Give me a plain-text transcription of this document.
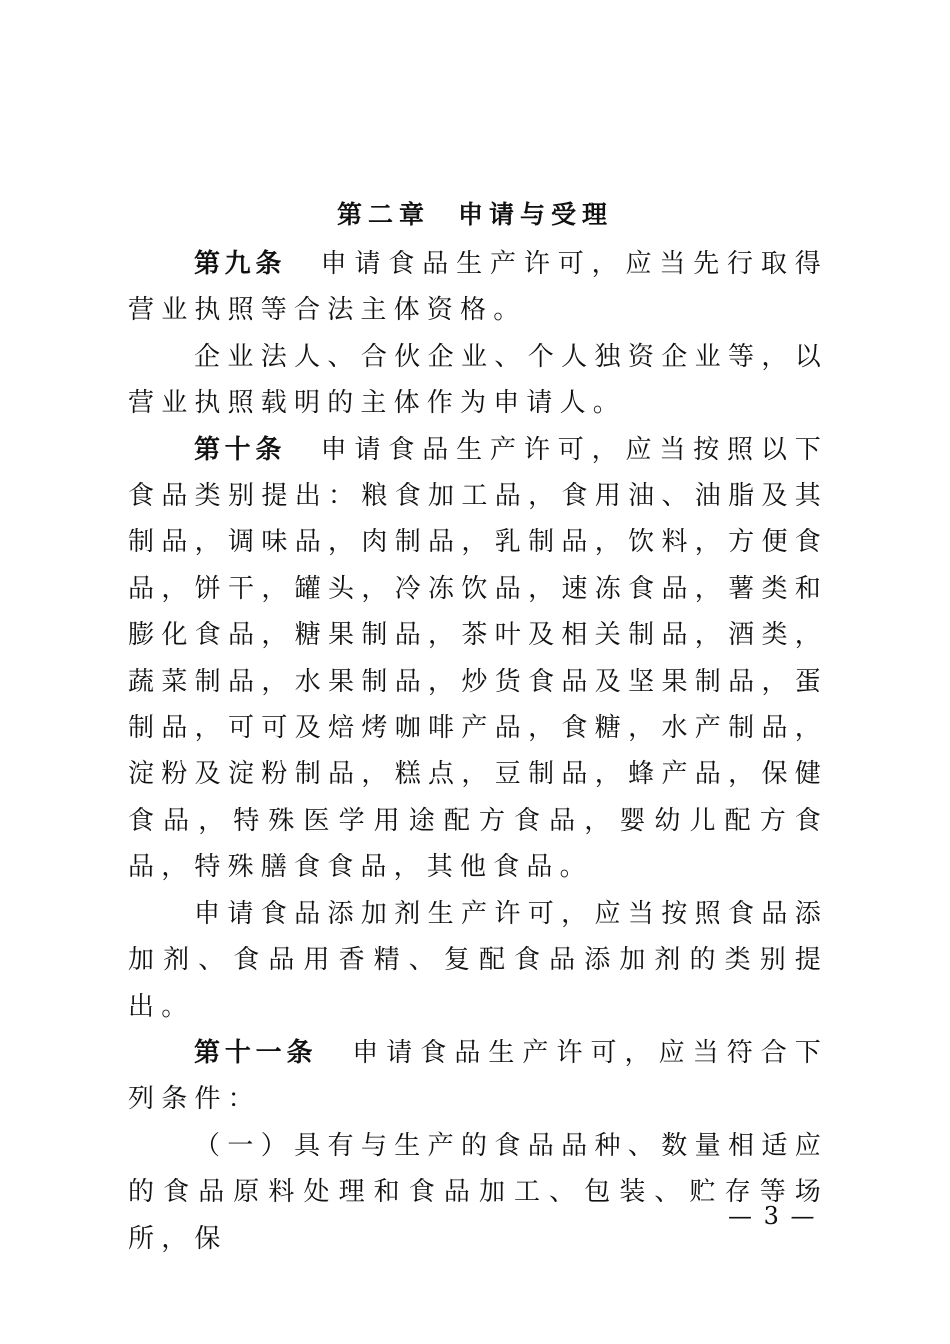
第二章 申请与受理

第九条 申请食品生产许可，应当先行取得营业执照等合法主体资格。

企业法人、合伙企业、个人独资企业等，以营业执照载明的主体作为申请人。

第十条 申请食品生产许可，应当按照以下食品类别提出：粮食加工品，食用油、油脂及其制品，调味品，肉制品，乳制品，饮料，方便食品，饼干，罐头，冷冻饮品，速冻食品，薯类和膨化食品，糖果制品，茶叶及相关制品，酒类，蔬菜制品，水果制品，炒货食品及坚果制品，蛋制品，可可及焙烤咖啡产品，食糖，水产制品，淀粉及淀粉制品，糕点，豆制品，蜂产品，保健食品，特殊医学用途配方食品，婴幼儿配方食品，特殊膳食食品，其他食品。

申请食品添加剂生产许可，应当按照食品添加剂、食品用香精、复配食品添加剂的类别提出。

第十一条 申请食品生产许可，应当符合下列条件：

（一）具有与生产的食品品种、数量相适应的食品原料处理和食品加工、包装、贮存等场所，保

— 3 —
